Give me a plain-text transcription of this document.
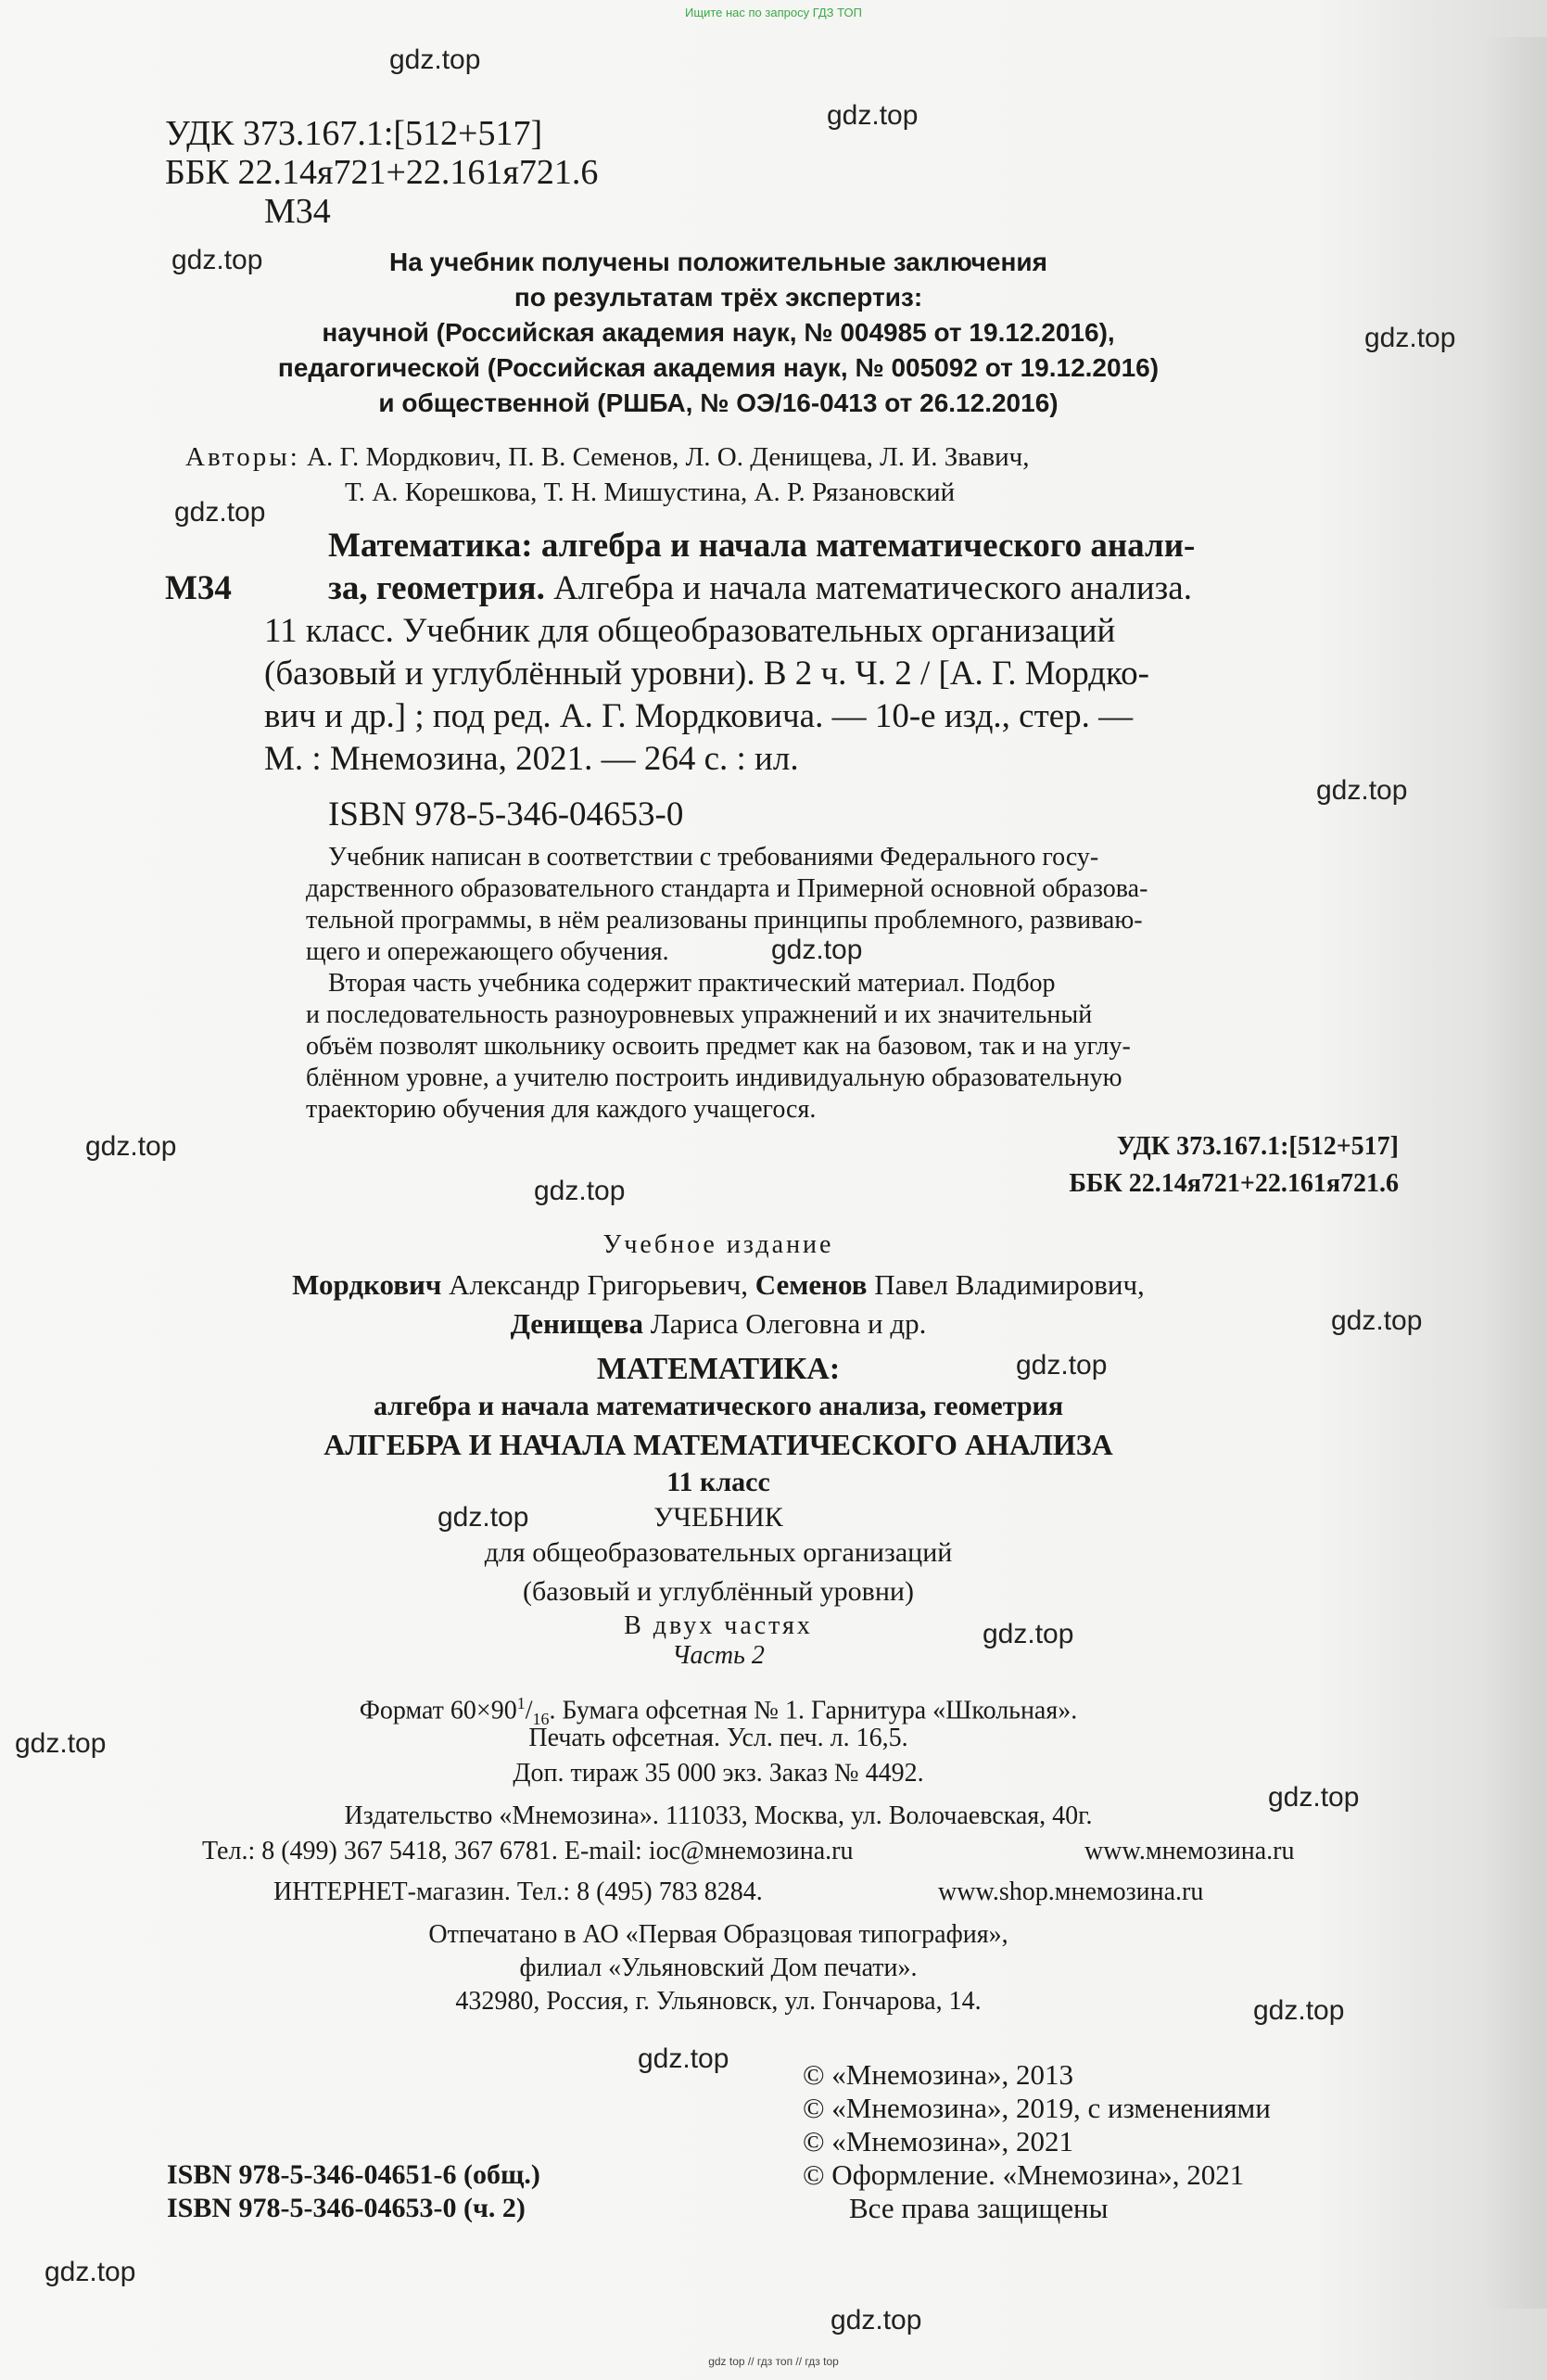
Ищите нас по запросу ГДЗ ТОП
УДК 373.167.1:[512+517]
ББК 22.14я721+22.161я721.6
М34
На учебник получены положительные заключения
по результатам трёх экспертиз:
научной (Российская академия наук, № 004985 от 19.12.2016),
педагогической (Российская академия наук, № 005092 от 19.12.2016)
и общественной (РШБА, № ОЭ/16-0413 от 26.12.2016)
Авторы: А. Г. Мордкович, П. В. Семенов, Л. О. Денищева, Л. И. Звавич,
Т. А. Корешкова, Т. Н. Мишустина, А. Р. Рязановский
Математика: алгебра и начала математического анали-
М34	за, геометрия. Алгебра и начала математического анализа.
11 класс. Учебник для общеобразовательных организаций
(базовый и углублённый уровни). В 2 ч. Ч. 2 / [А. Г. Мордко-
вич и др.] ; под ред. А. Г. Мордковича. — 10-е изд., стер. —
М. : Мнемозина, 2021. — 264 с. : ил.
ISBN 978-5-346-04653-0
Учебник написан в соответствии с требованиями Федерального госу-
дарственного образовательного стандарта и Примерной основной образова-
тельной программы, в нём реализованы принципы проблемного, развиваю-
щего и опережающего обучения.
Вторая часть учебника содержит практический материал. Подбор
и последовательность разноуровневых упражнений и их значительный
объём позволят школьнику освоить предмет как на базовом, так и на углу-
блённом уровне, а учителю построить индивидуальную образовательную
траекторию обучения для каждого учащегося.
УДК 373.167.1:[512+517]
ББК 22.14я721+22.161я721.6
Учебное издание
Мордкович Александр Григорьевич, Семенов Павел Владимирович,
Денищева Лариса Олеговна и др.
МАТЕМАТИКА:
алгебра и начала математического анализа, геометрия
АЛГЕБРА И НАЧАЛА МАТЕМАТИЧЕСКОГО АНАЛИЗА
11 класс
УЧЕБНИК
для общеобразовательных организаций
(базовый и углублённый уровни)
В двух частях
Часть 2
Формат $60\times 90^1/_{16}$. Бумага офсетная № 1. Гарнитура «Школьная».
Печать офсетная. Усл. печ. л. 16,5.
Доп. тираж 35 000 экз. Заказ № 4492.
Издательство «Мнемозина». 111033, Москва, ул. Волочаевская, 40г.
Тел.: 8 (499) 367 5418, 367 6781. E-mail: ioc@мнемозина.ru	www.мнемозина.ru
ИНТЕРНЕТ-магазин. Тел.: 8 (495) 783 8284.	www.shop.мнемозина.ru
Отпечатано в АО «Первая Образцовая типография»,
филиал «Ульяновский Дом печати».
432980, Россия, г. Ульяновск, ул. Гончарова, 14.
© «Мнемозина», 2013
© «Мнемозина», 2019, с изменениями
© «Мнемозина», 2021
© Оформление. «Мнемозина», 2021
Все права защищены
ISBN 978-5-346-04651-6 (общ.)
ISBN 978-5-346-04653-0 (ч. 2)
gdz.top
gdz.top
gdz.top
gdz.top
gdz.top
gdz.top
gdz.top
gdz.top
gdz.top
gdz.top
gdz.top
gdz.top
gdz.top
gdz.top
gdz.top
gdz.top
gdz.top
gdz.top
gdz.top
gdz top // гдз топ // гдз top
